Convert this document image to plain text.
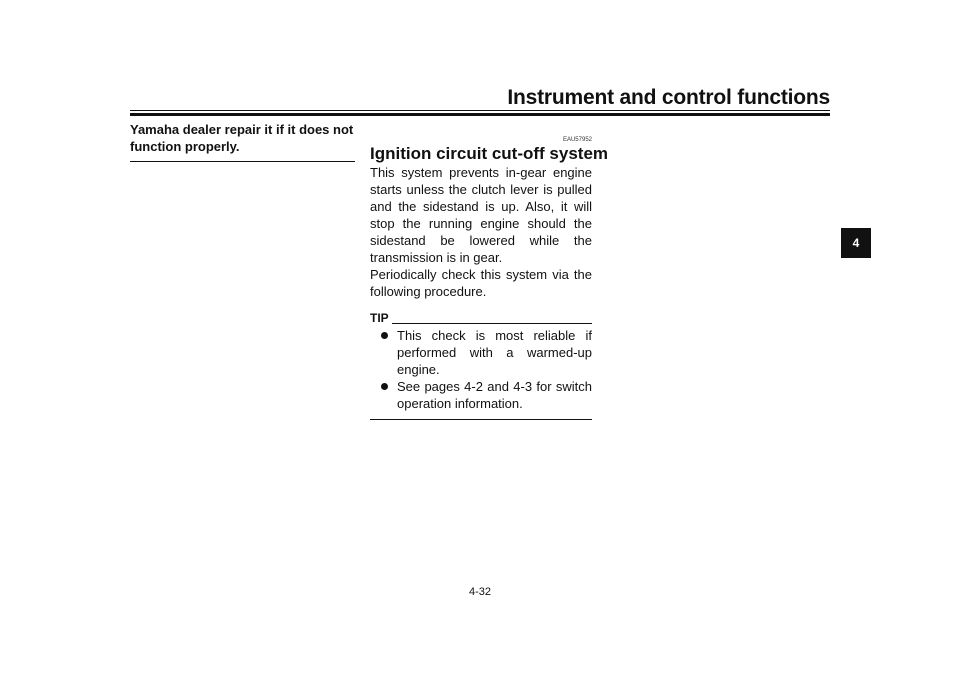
Instrument and control functions
4

Yamaha dealer repair it if it does not function properly.	EAU57952
Ignition circuit cut-off system

This system prevents in-gear engine starts unless the clutch lever is pulled and the sidestand is up. Also, it will stop the running engine should the sidestand be lowered while the transmission is in gear.

Periodically check this system via the following procedure.

TIP
This check is most reliable if performed with a warmed-up engine.
See pages 4-2 and 4-3 for switch operation information.
4-32
